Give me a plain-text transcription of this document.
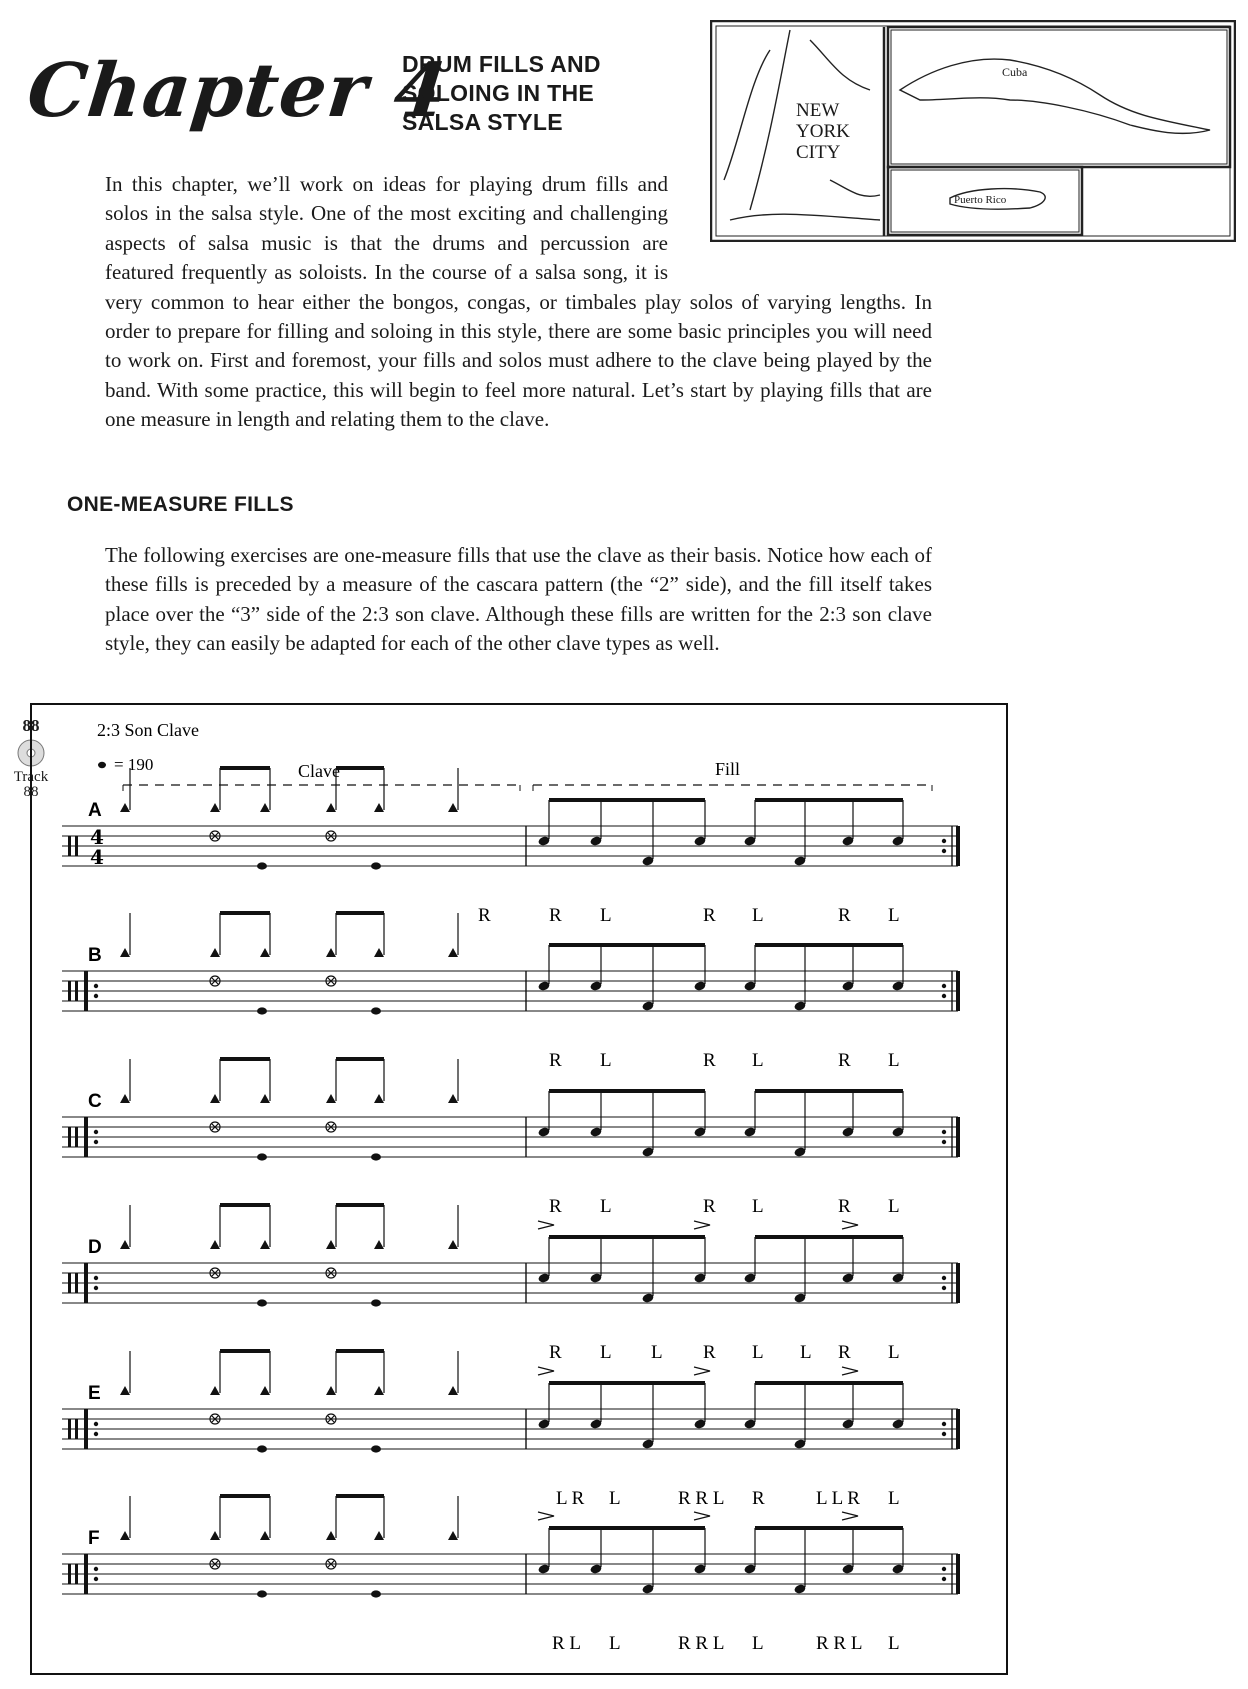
Chapter 4
DRUM FILLS AND
SOLOING IN THE
SALSA STYLE	NEW YORK CITY
Cuba
Puerto Rico

In this chapter, we’ll work on ideas for playing drum fills and solos in the salsa style. One of the most exciting and challenging aspects of salsa music is that the drums and percussion are featured frequently as soloists. In the course of a salsa song, it is very common to hear either the bongos, congas, or timbales play solos of varying lengths. In order to prepare for filling and soloing in this style, there are some basic principles you will need to work on. First and foremost, your fills and solos must adhere to the clave being played by the band. With some practice, this will begin to feel more natural. Let’s start by playing fills that are one measure in length and relating them to the clave.

ONE-MEASURE FILLS

The following exercises are one-measure fills that use the clave as their basis. Notice how each of these fills is preceded by a measure of the cascara pattern (the “2” side), and the fill itself takes place over the “3” side of the 2:3 son clave. Although these fills are written for the 2:3 son clave style, they can easily be adapted for each of the other clave types as well.

88
Track
88
2:3 Son Clave
= 190	Clave	Fill
A
4
4
R	R L	R L	R L
B
R L	R L	R L
C
R L	R L	R L
D
R L L R L L R L
E
L R L	R R L R	L L R L
F
R L L	R R L L	R R L L
